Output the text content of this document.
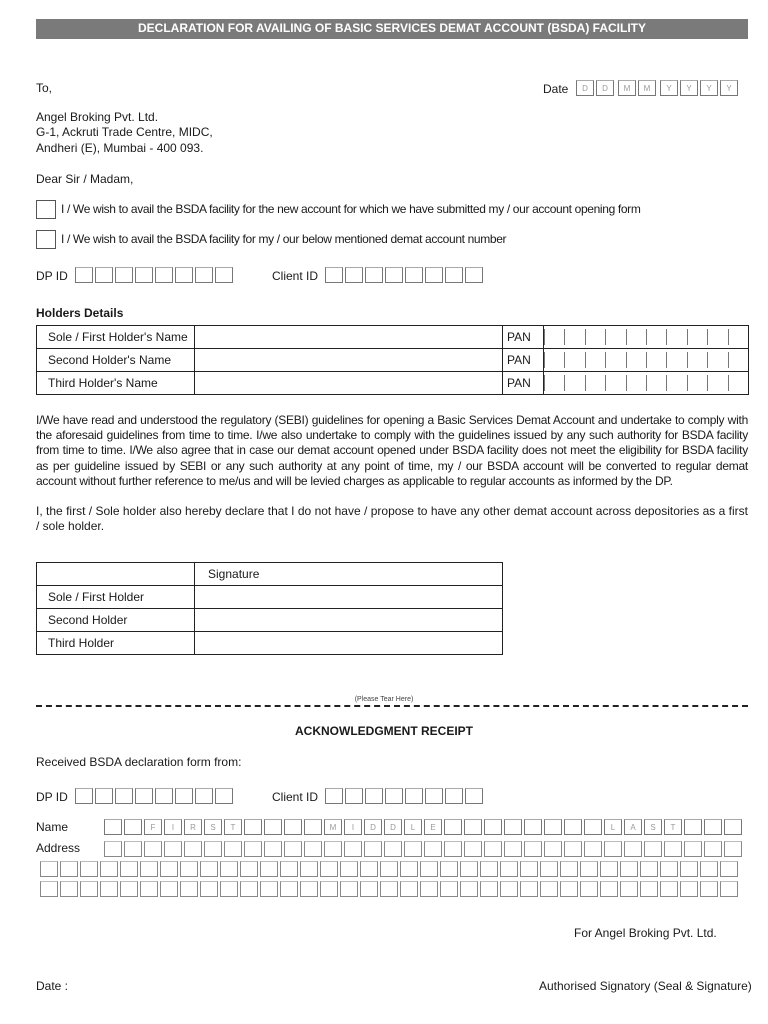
DECLARATION FOR AVAILING OF BASIC SERVICES DEMAT ACCOUNT (BSDA) FACILITY
To,	Date	D	D	M	M	Y	Y	Y	Y
Angel Broking Pvt. Ltd.
G-1, Ackruti Trade Centre, MIDC,
Andheri (E), Mumbai - 400 093.
Dear Sir / Madam,
I / We wish to avail the BSDA facility for the new account for which we have submitted my / our account opening form
I / We wish to avail the BSDA facility for my / our below mentioned demat account number
DP ID	Client ID
Holders Details
Sole / First Holder's Name		PAN	

Second Holder's Name		PAN	

Third Holder's Name		PAN	
I/We have read and understood the regulatory (SEBI) guidelines for opening a Basic Services Demat Account and undertake to comply with the aforesaid guidelines from time to time. I/we also undertake to comply with the guidelines issued by any such authority for BSDA facility from time to time. I/We also agree that in case our demat account opened under BSDA facility does not meet the eligibility for BSDA facility as per guideline issued by SEBI or any such authority at any point of time, my / our BSDA account will be converted to regular demat account without further reference to me/us and will be levied charges as applicable to regular accounts as informed by the DP.
I, the first / Sole holder also hereby declare that I do not have / propose to have any other demat account across depositories as a first / sole holder.
	Signature
Sole / First Holder	
Second Holder	
Third Holder	
(Please Tear Here)
ACKNOWLEDGMENT RECEIPT
Received BSDA declaration form from:
DP ID	Client ID
Name	F	I	R	S	T	M	I	D	D	L	E	L	A	S	T
Address
For Angel Broking Pvt. Ltd.
Date :	Authorised Signatory (Seal & Signature)
